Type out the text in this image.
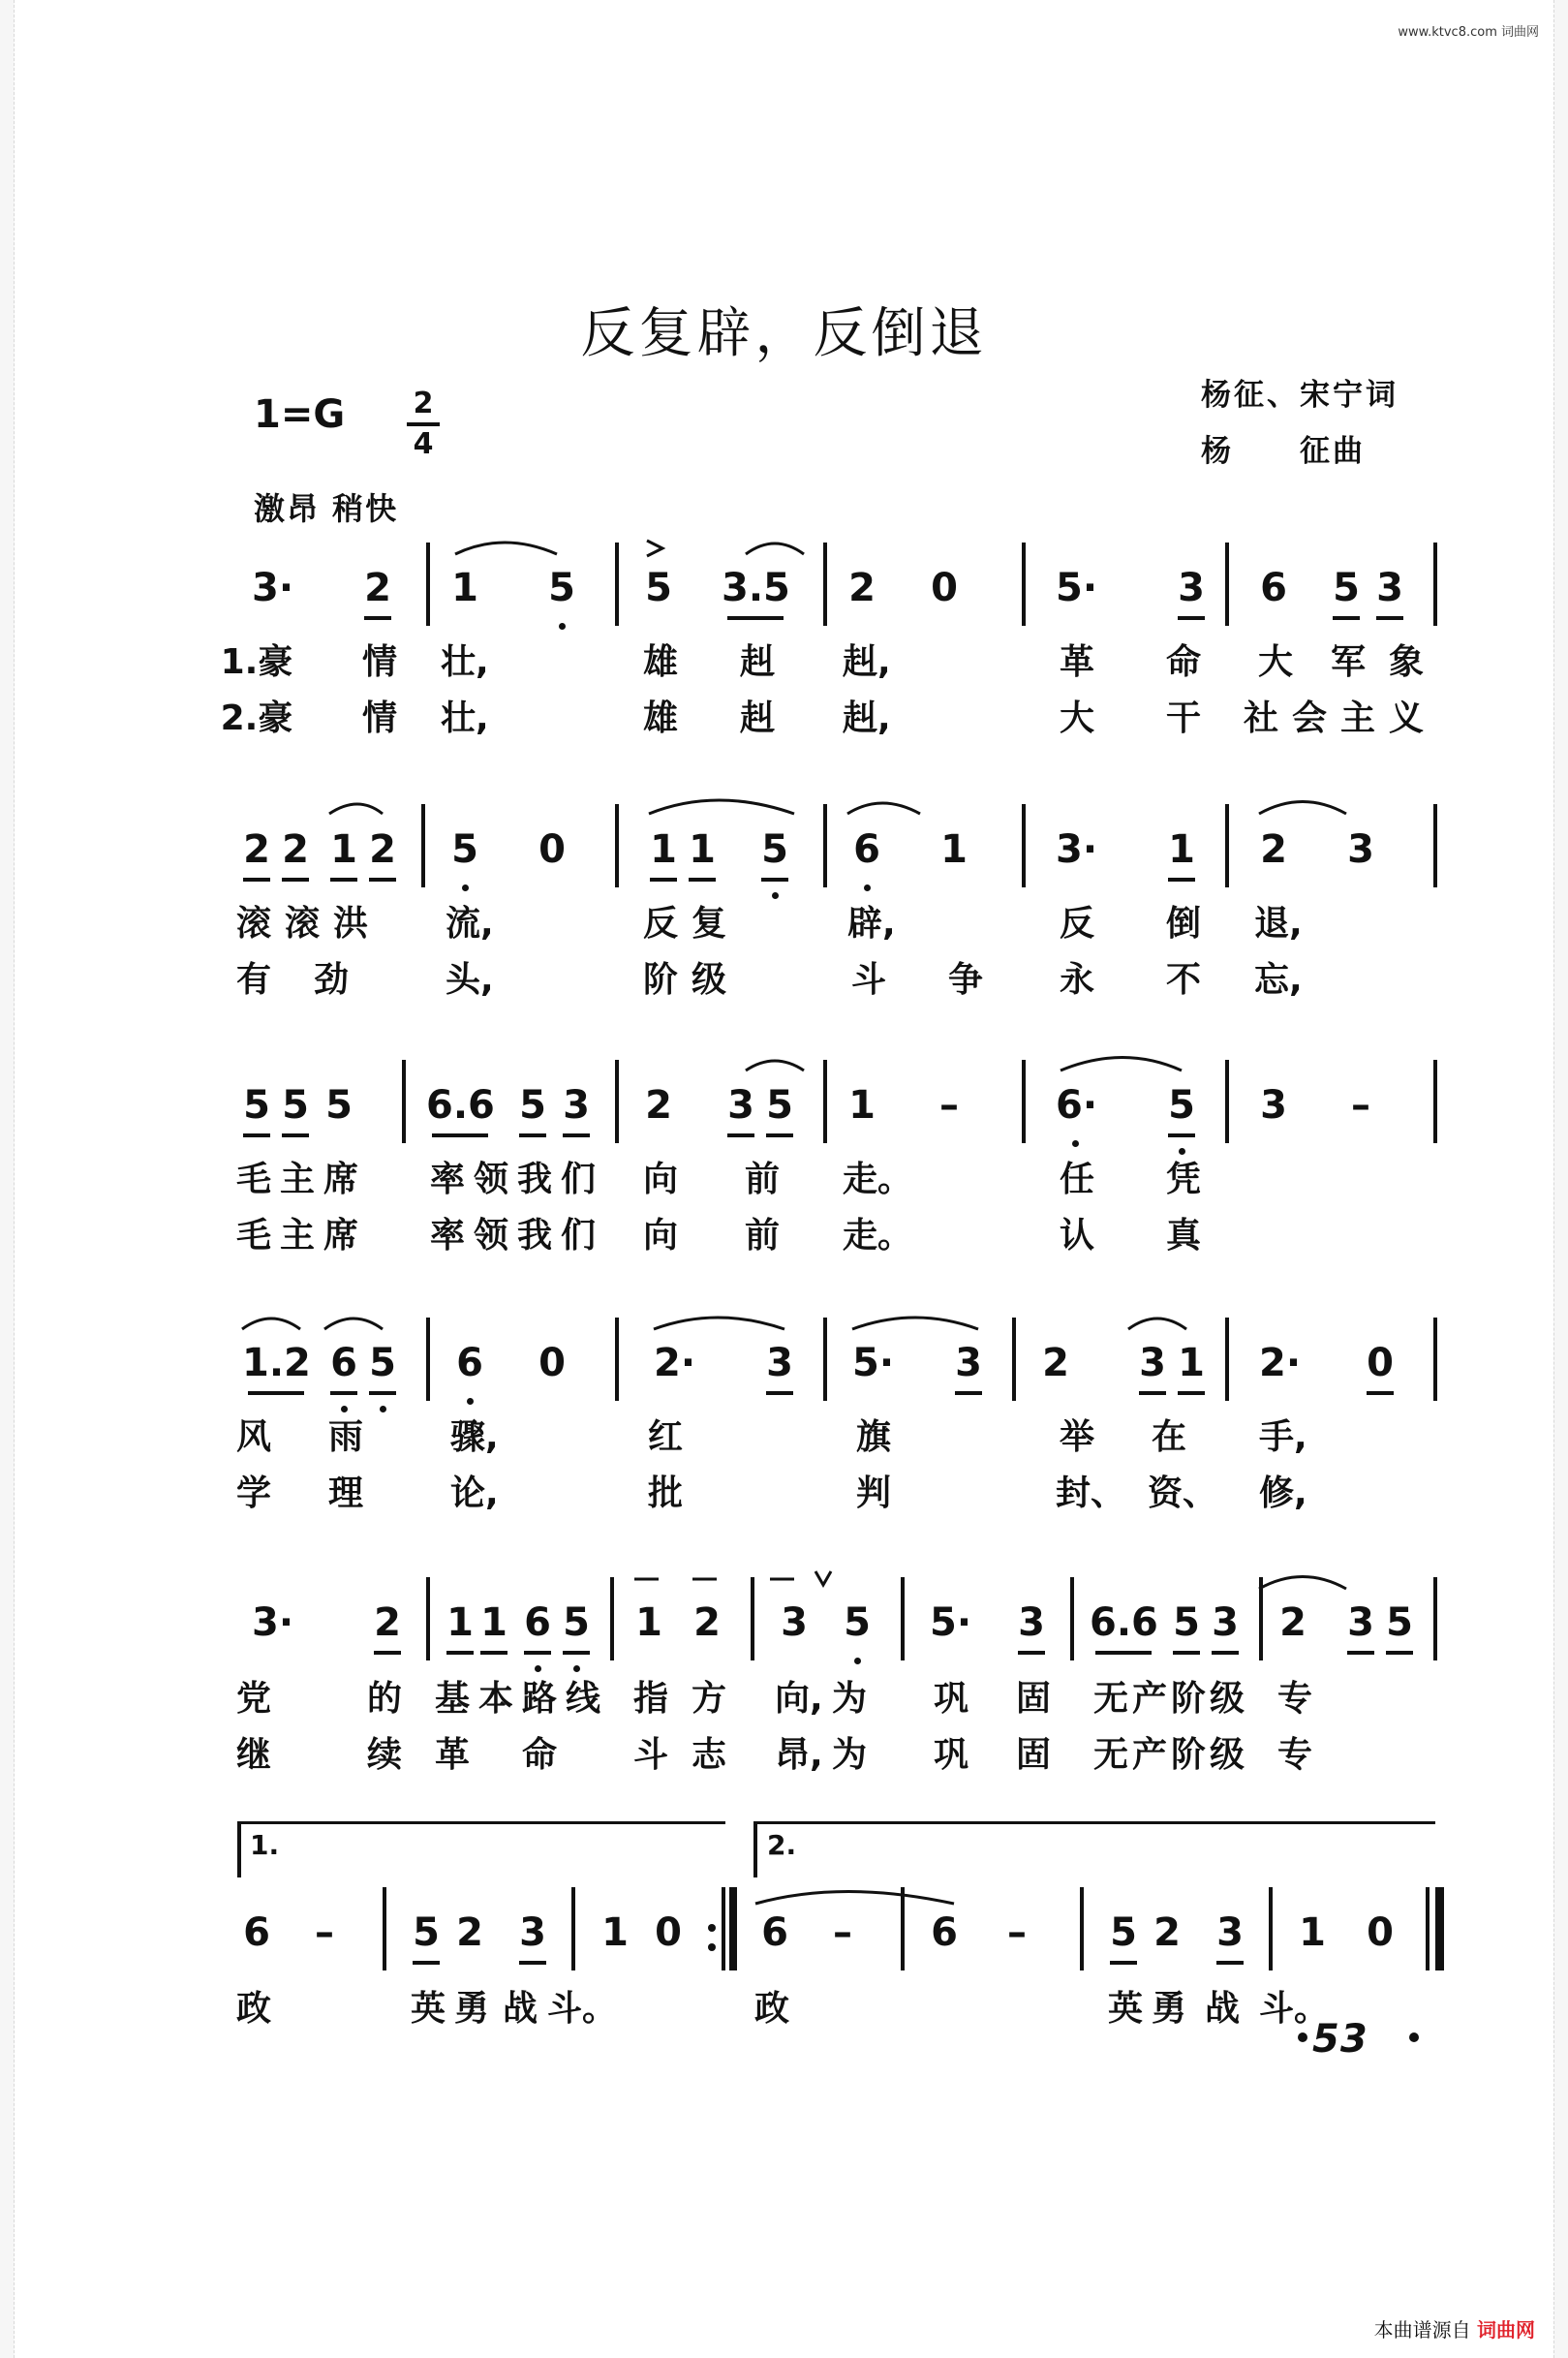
www.ktvc8.com 词曲网
反复辟，反倒退
杨征、宋宁词
杨　　征曲
1=G 2
4
激昂 稍快
3· 2 1 5 5 3.5 2 0	5· 3 6 5 3
1.豪 情 壮,	雄 赳 赳,	革 命 大 军 象
2.豪 情 壮,	雄 赳 赳,	大 干 社 会 主 义
2 2 1 2 5 0 1 1 5 6 1 3· 1 2 3
滚 滚 洪 流,	反 复	辟,	反 倒 退,
有 劲	头,	阶 级	斗 争 永 不 忘,
5 5 5 6.6 5 3 2 3 5 1 –	6· 5 3 –
毛 主 席 率 领 我 们 向 前 走。	任 凭
毛 主 席 率 领 我 们 向 前 走。	认 真
1.2 6 5 6 0 2· 3 5· 3 2 3 1 2· 0
风 雨	骤,	红	旗	举 在 手,
学 理	论,	批	判	封、 资、 修,
3· 2 1 1 6 5 1 2 3 5 5· 3 6.6 5 3 2 3 5
党	的 基 本 路 线 指 方 向, 为 巩 固 无 产 阶 级 专
继	续 革 命 斗 志 昂, 为 巩 固 无 产 阶 级 专
1.	2.
6 – 5 2 3 1 0 6 – 6 – 5 2 3 1 0
政	英 勇 战 斗。	政	英 勇 战 斗。
53
本曲谱源自 词曲网
